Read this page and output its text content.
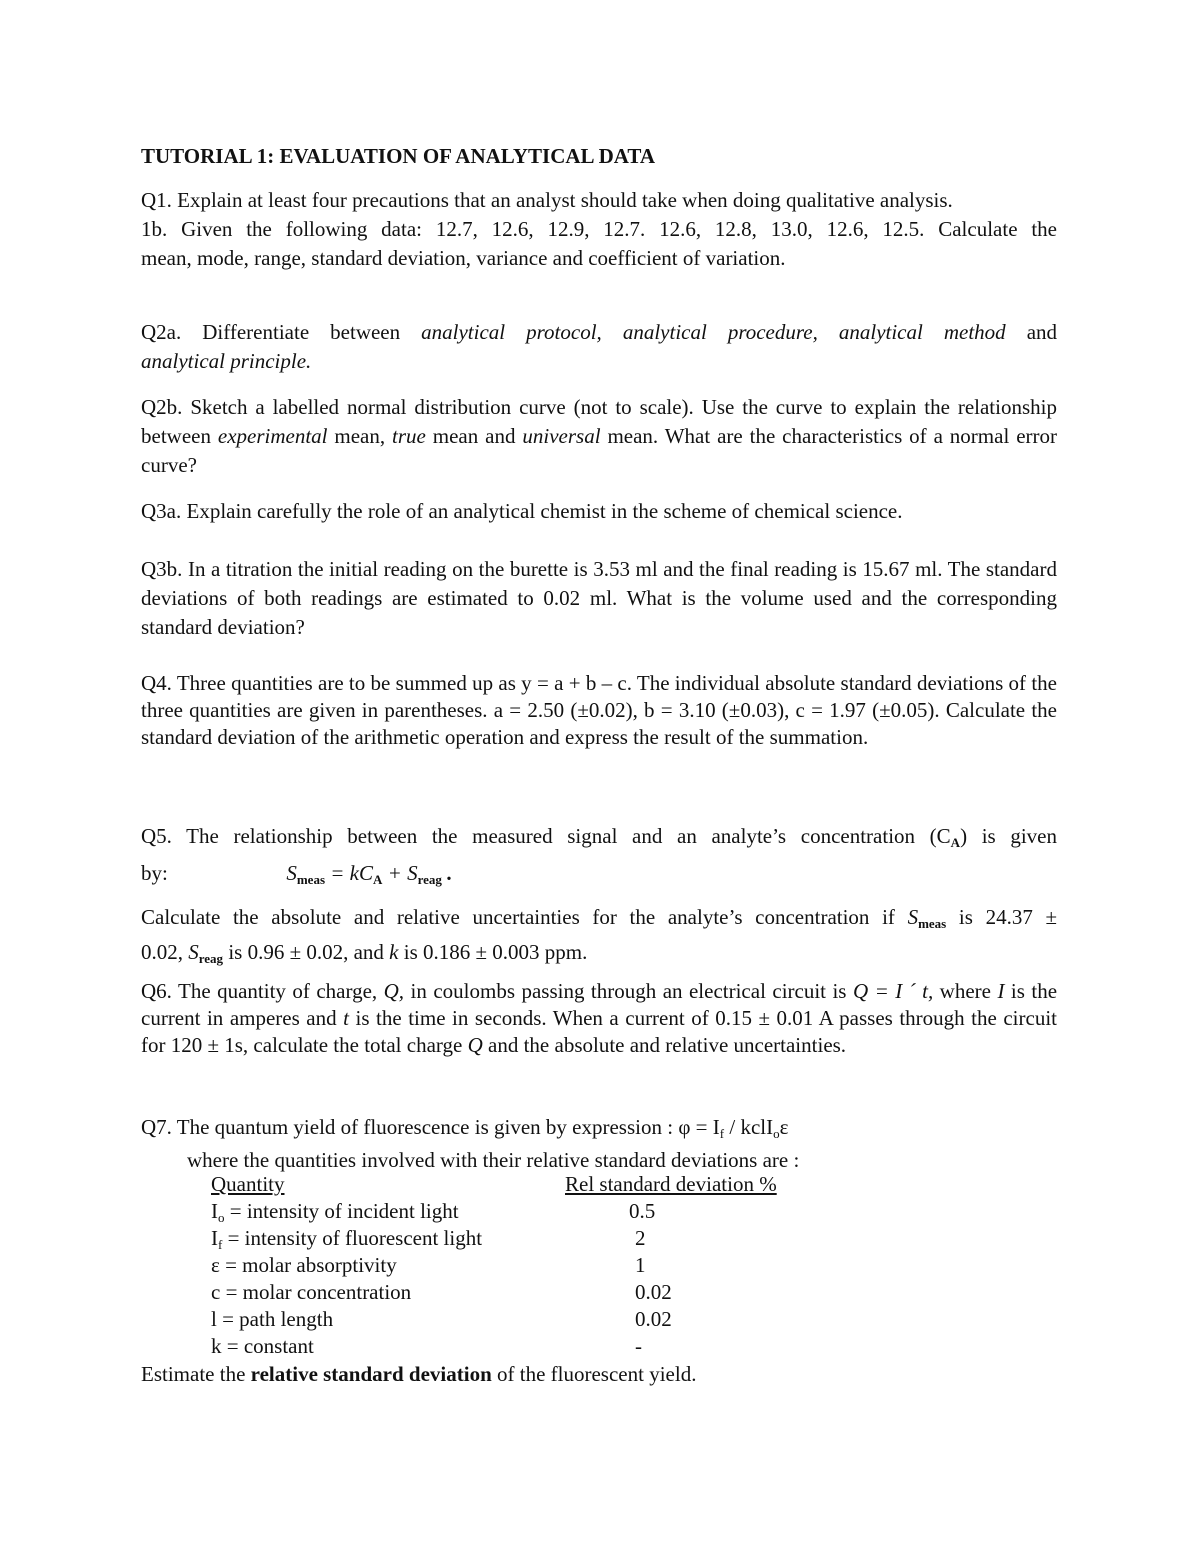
TUTORIAL 1: EVALUATION OF ANALYTICAL DATA
Q1. Explain at least four precautions that an analyst should take when doing qualitative analysis.
1b. Given the following data: 12.7, 12.6, 12.9, 12.7. 12.6, 12.8, 13.0, 12.6, 12.5. Calculate the
mean, mode, range, standard deviation, variance and coefficient of variation.
Q2a. Differentiate between analytical protocol, analytical procedure, analytical method and
analytical principle.
Q2b. Sketch a labelled normal distribution curve (not to scale). Use the curve to explain the relationship between experimental mean, true mean and universal mean. What are the characteristics of a normal error curve?
Q3a. Explain carefully the role of an analytical chemist in the scheme of chemical science.
Q3b. In a titration the initial reading on the burette is 3.53 ml and the final reading is 15.67 ml. The standard deviations of both readings are estimated to 0.02 ml. What is the volume used and the corresponding standard deviation?
Q4. Three quantities are to be summed up as y = a + b – c. The individual absolute standard deviations of the three quantities are given in parentheses. a = 2.50 (±0.02), b = 3.10 (±0.03), c = 1.97 (±0.05). Calculate the standard deviation of the arithmetic operation and express the result of the summation.
Q5. The relationship between the measured signal and an analyte’s concentration $(C_A)$ is given
by:	$S_{meas} = kC_A + S_{reag}$ .
Calculate the absolute and relative uncertainties for the analyte’s concentration if $S_{meas}$ is 24.37 ±
0.02, $S_{reag}$ is 0.96 ± 0.02, and k is 0.186 ± 0.003 ppm.
Q6. The quantity of charge, Q, in coulombs passing through an electrical circuit is Q = I ´ t, where I is the current in amperes and t is the time in seconds. When a current of 0.15 ± 0.01 A passes through the circuit for 120 ± 1s, calculate the total charge Q and the absolute and relative uncertainties.
Q7. The quantum yield of fluorescence is given by expression : φ = If / kclIoε
where the quantities involved with their relative standard deviations are :
Quantity	Rel standard deviation %
Io = intensity of incident light	0.5
If = intensity of fluorescent light	2
ε = molar absorptivity	1
c = molar concentration	0.02
l = path length	0.02
k = constant	-
Estimate the relative standard deviation of the fluorescent yield.
